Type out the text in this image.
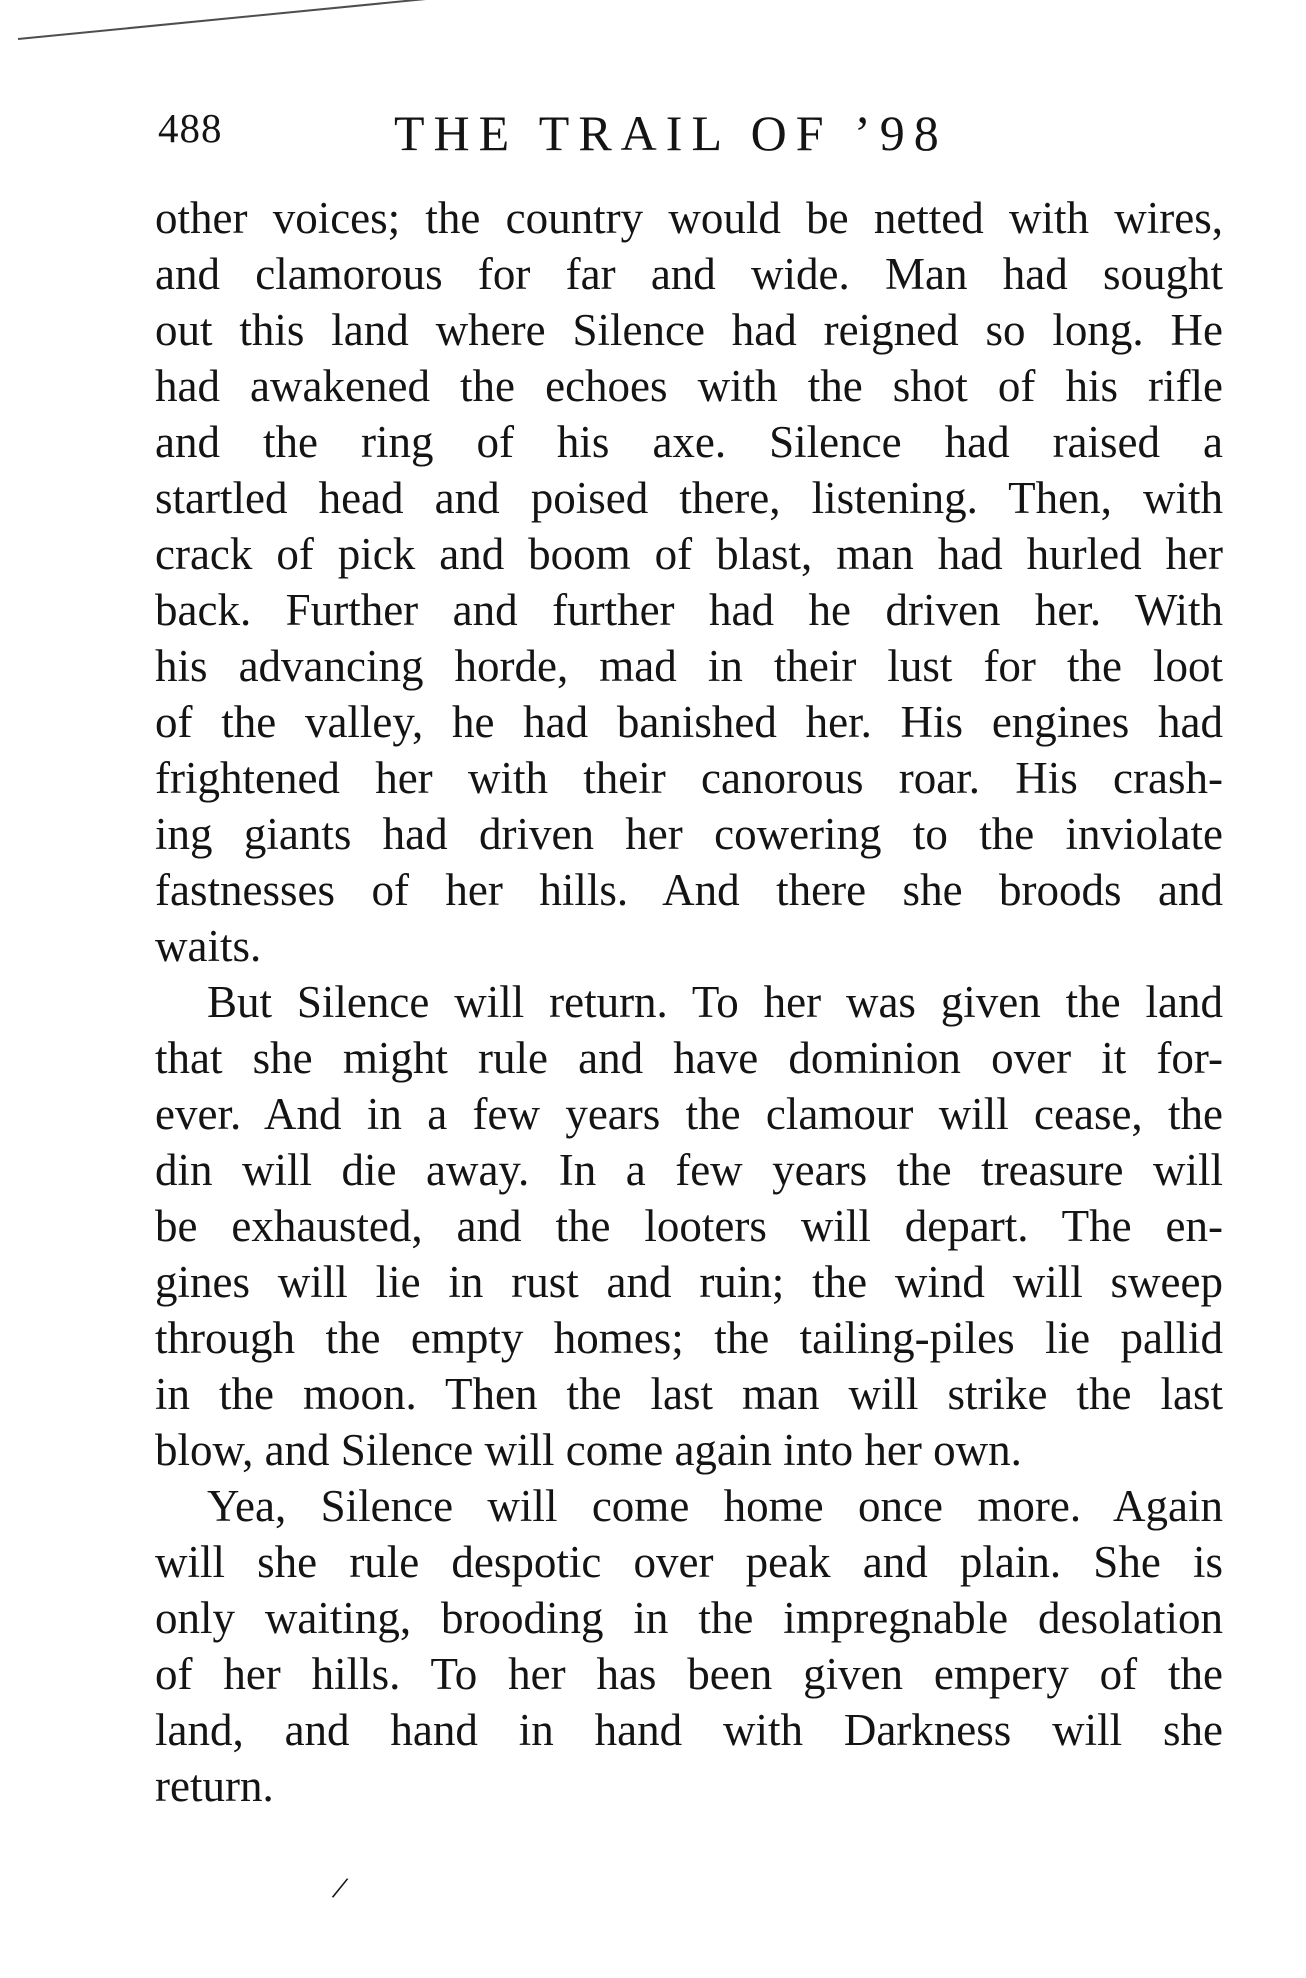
488	THE TRAIL OF ’98
other voices; the country would be netted with wires,
and clamorous for far and wide. Man had sought
out this land where Silence had reigned so long. He
had awakened the echoes with the shot of his rifle
and the ring of his axe. Silence had raised a
startled head and poised there, listening. Then, with
crack of pick and boom of blast, man had hurled her
back. Further and further had he driven her. With
his advancing horde, mad in their lust for the loot
of the valley, he had banished her. His engines had
frightened her with their canorous roar. His crash-
ing giants had driven her cowering to the inviolate
fastnesses of her hills. And there she broods and
waits.
But Silence will return. To her was given the land
that she might rule and have dominion over it for-
ever. And in a few years the clamour will cease, the
din will die away. In a few years the treasure will
be exhausted, and the looters will depart. The en-
gines will lie in rust and ruin; the wind will sweep
through the empty homes; the tailing-piles lie pallid
in the moon. Then the last man will strike the last
blow, and Silence will come again into her own.
Yea, Silence will come home once more. Again
will she rule despotic over peak and plain. She is
only waiting, brooding in the impregnable desolation
of her hills. To her has been given empery of the
land, and hand in hand with Darkness will she
return.
/
